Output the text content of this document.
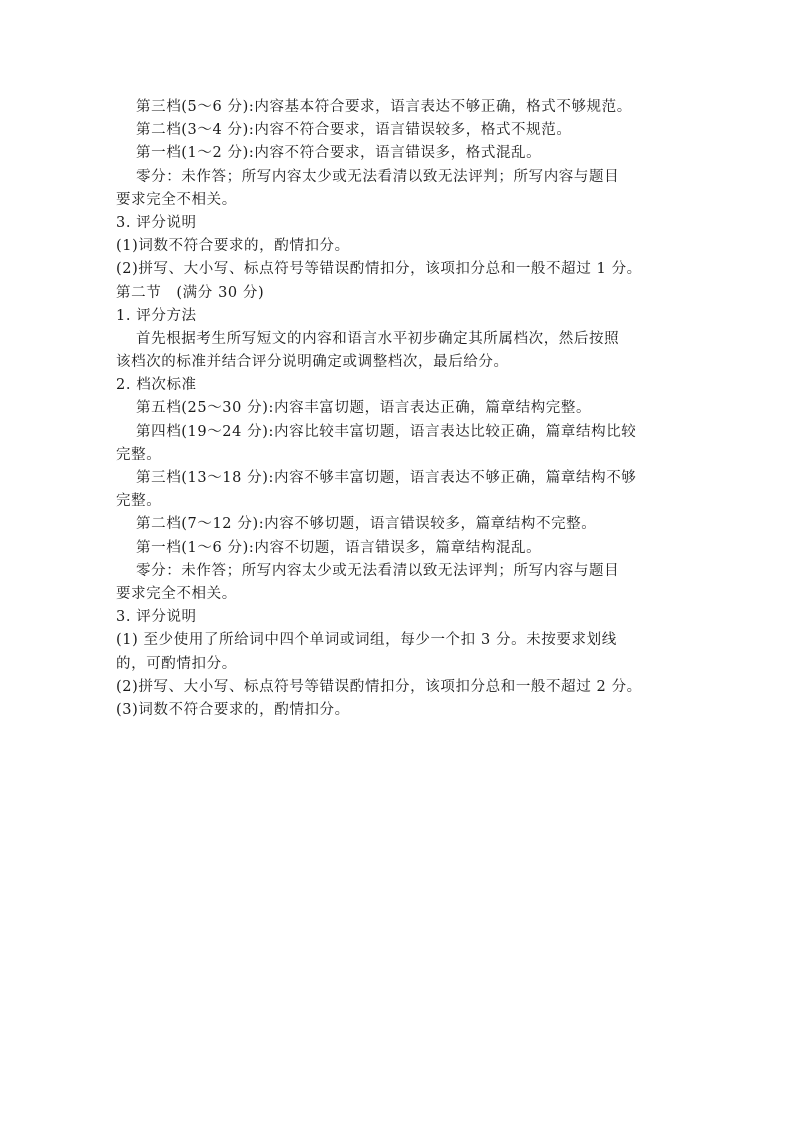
第三档(5～6 分):内容基本符合要求，语言表达不够正确，格式不够规范。
第二档(3～4 分):内容不符合要求，语言错误较多，格式不规范。
第一档(1～2 分):内容不符合要求，语言错误多，格式混乱。
零分：未作答；所写内容太少或无法看清以致无法评判；所写内容与题目
要求完全不相关。
3. 评分说明
(1)词数不符合要求的，酌情扣分。
(2)拼写、大小写、标点符号等错误酌情扣分，该项扣分总和一般不超过 1 分。
第二节　(满分 30 分)
1. 评分方法
首先根据考生所写短文的内容和语言水平初步确定其所属档次，然后按照
该档次的标准并结合评分说明确定或调整档次，最后给分。
2. 档次标准
第五档(25～30 分):内容丰富切题，语言表达正确，篇章结构完整。
第四档(19～24 分):内容比较丰富切题，语言表达比较正确，篇章结构比较
完整。
第三档(13～18 分):内容不够丰富切题，语言表达不够正确，篇章结构不够
完整。
第二档(7～12 分):内容不够切题，语言错误较多，篇章结构不完整。
第一档(1～6 分):内容不切题，语言错误多，篇章结构混乱。
零分：未作答；所写内容太少或无法看清以致无法评判；所写内容与题目
要求完全不相关。
3. 评分说明
(1) 至少使用了所给词中四个单词或词组，每少一个扣 3 分。未按要求划线
的，可酌情扣分。
(2)拼写、大小写、标点符号等错误酌情扣分，该项扣分总和一般不超过 2 分。
(3)词数不符合要求的，酌情扣分。
